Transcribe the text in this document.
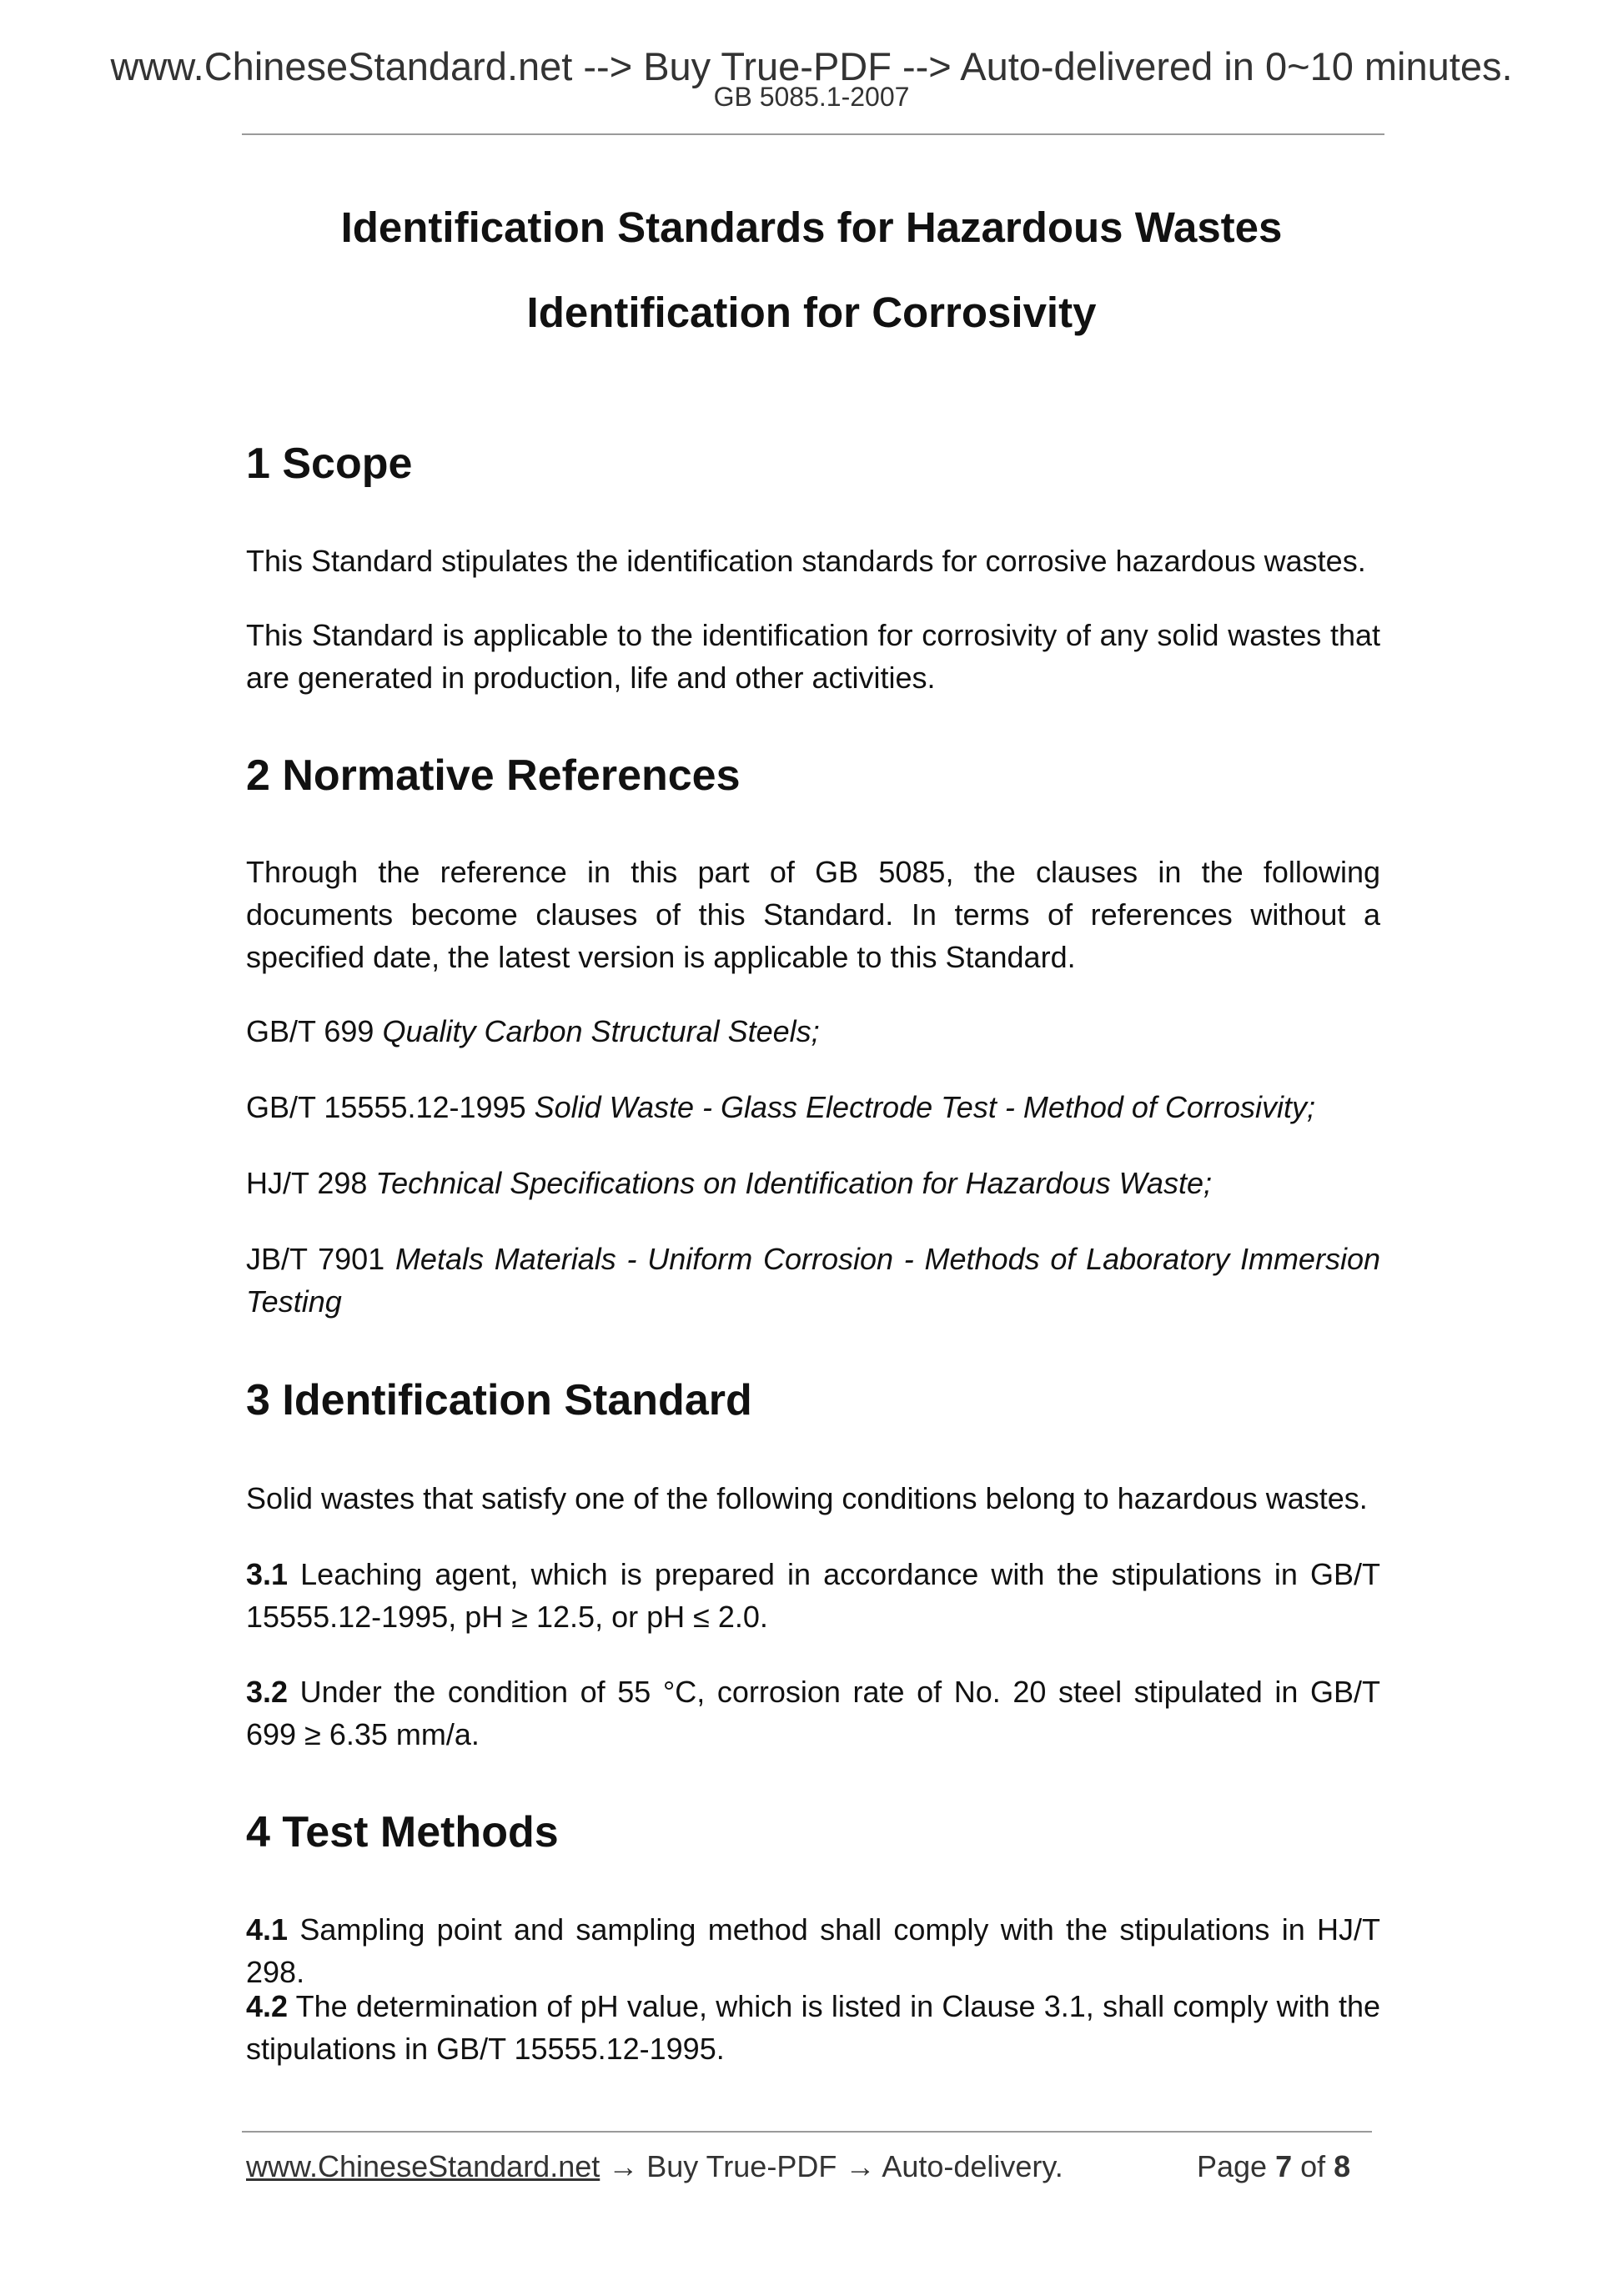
www.ChineseStandard.net --> Buy True-PDF --> Auto-delivered in 0~10 minutes.
GB 5085.1-2007
Identification Standards for Hazardous Wastes
Identification for Corrosivity
1 Scope
This Standard stipulates the identification standards for corrosive hazardous wastes.
This Standard is applicable to the identification for corrosivity of any solid wastes that are generated in production, life and other activities.
2 Normative References
Through the reference in this part of GB 5085, the clauses in the following documents become clauses of this Standard. In terms of references without a specified date, the latest version is applicable to this Standard.
GB/T 699 Quality Carbon Structural Steels;
GB/T 15555.12-1995 Solid Waste - Glass Electrode Test - Method of Corrosivity;
HJ/T 298 Technical Specifications on Identification for Hazardous Waste;
JB/T 7901 Metals Materials - Uniform Corrosion - Methods of Laboratory Immersion Testing
3 Identification Standard
Solid wastes that satisfy one of the following conditions belong to hazardous wastes.
3.1 Leaching agent, which is prepared in accordance with the stipulations in GB/T 15555.12-1995, pH ≥ 12.5, or pH ≤ 2.0.
3.2 Under the condition of 55 °C, corrosion rate of No. 20 steel stipulated in GB/T 699 ≥ 6.35 mm/a.
4 Test Methods
4.1 Sampling point and sampling method shall comply with the stipulations in HJ/T 298.
4.2 The determination of pH value, which is listed in Clause 3.1, shall comply with the stipulations in GB/T 15555.12-1995.
www.ChineseStandard.net → Buy True-PDF → Auto-delivery.	Page 7 of 8
